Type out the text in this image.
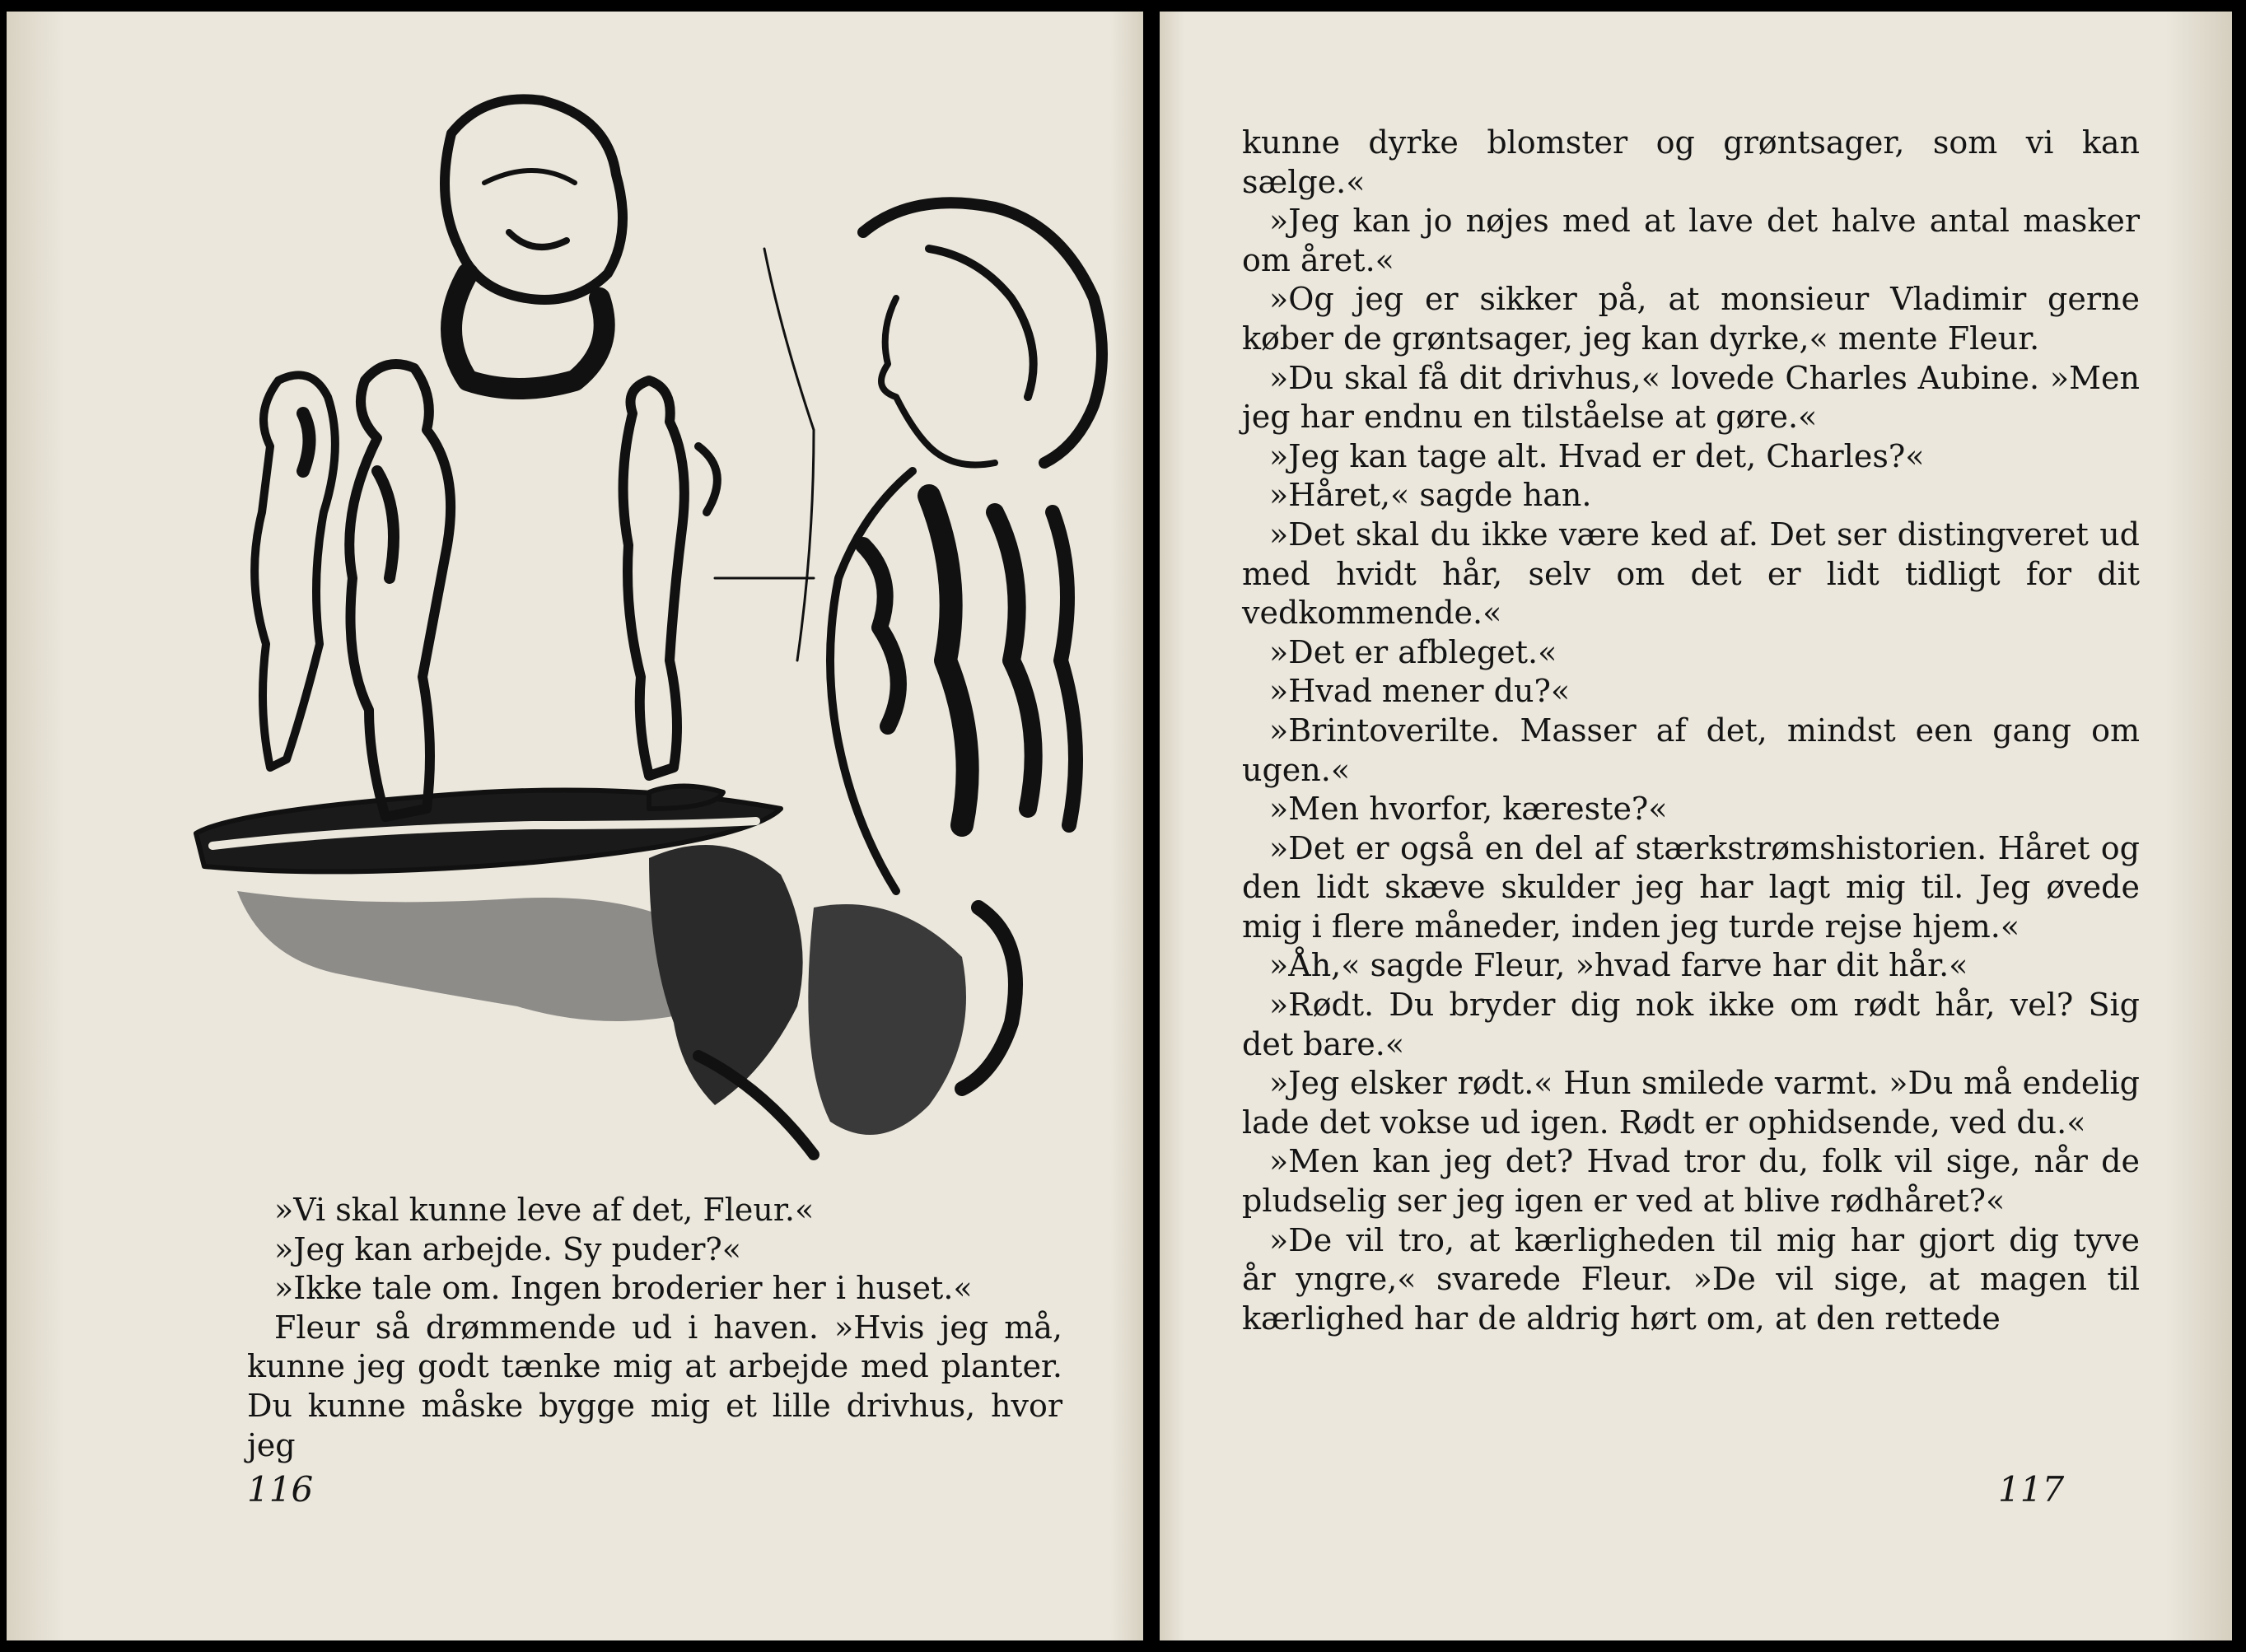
»Vi skal kunne leve af det, Fleur.«

»Jeg kan arbejde. Sy puder?«

»Ikke tale om. Ingen broderier her i huset.«

Fleur så drømmende ud i haven. »Hvis jeg må, kunne jeg godt tænke mig at arbejde med planter. Du kunne måske bygge mig et lille drivhus, hvor jeg

116

kunne dyrke blomster og grøntsager, som vi kan sælge.«

»Jeg kan jo nøjes med at lave det halve antal masker om året.«

»Og jeg er sikker på, at monsieur Vladimir gerne køber de grøntsager, jeg kan dyrke,« mente Fleur.

»Du skal få dit drivhus,« lovede Charles Aubine. »Men jeg har endnu en tilståelse at gøre.«

»Jeg kan tage alt. Hvad er det, Charles?«

»Håret,« sagde han.

»Det skal du ikke være ked af. Det ser distingveret ud med hvidt hår, selv om det er lidt tidligt for dit vedkommende.«

»Det er afbleget.«

»Hvad mener du?«

»Brintoverilte. Masser af det, mindst een gang om ugen.«

»Men hvorfor, kæreste?«

»Det er også en del af stærkstrømshistorien. Håret og den lidt skæve skulder jeg har lagt mig til. Jeg øvede mig i flere måneder, inden jeg turde rejse hjem.«

»Åh,« sagde Fleur, »hvad farve har dit hår.«

»Rødt. Du bryder dig nok ikke om rødt hår, vel? Sig det bare.«

»Jeg elsker rødt.« Hun smilede varmt. »Du må endelig lade det vokse ud igen. Rødt er ophidsende, ved du.«

»Men kan jeg det? Hvad tror du, folk vil sige, når de pludselig ser jeg igen er ved at blive rødhåret?«

»De vil tro, at kærligheden til mig har gjort dig tyve år yngre,« svarede Fleur. »De vil sige, at magen til kærlighed har de aldrig hørt om, at den rettede

117
